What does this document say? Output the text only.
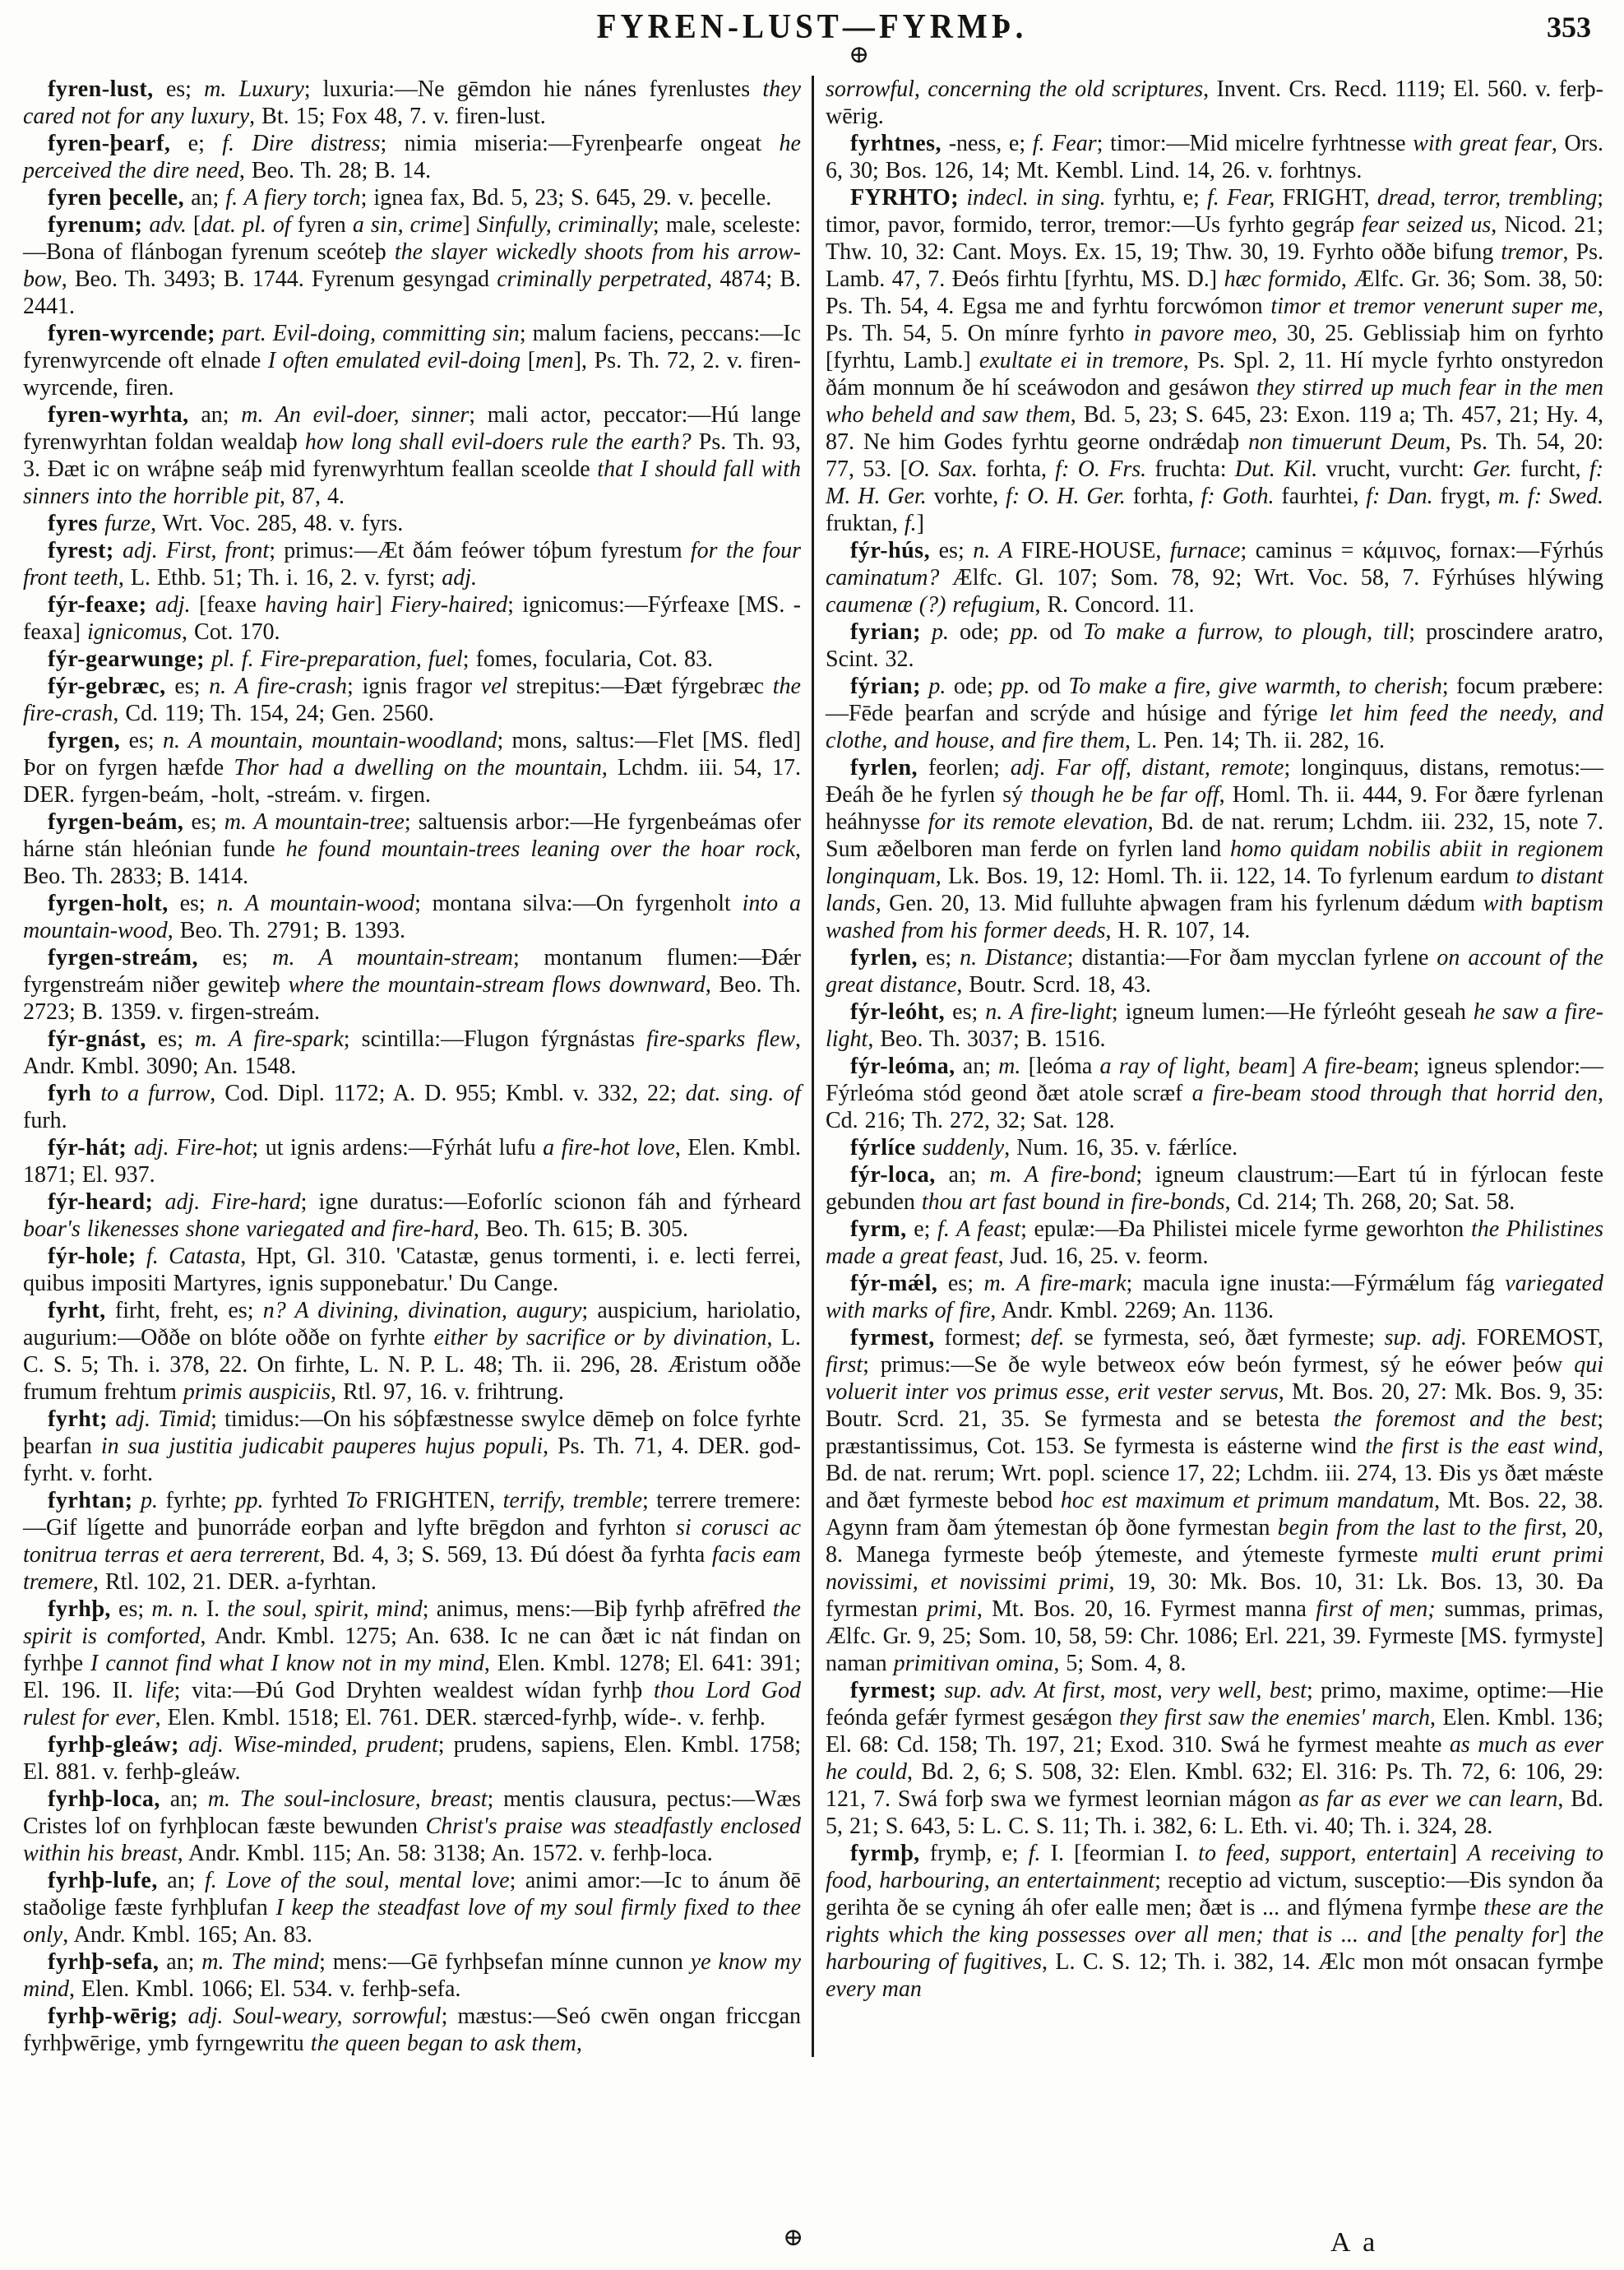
FYREN-LUST—FYRMÞ.	353
⊕

fyren-lust, es; m. Luxury; luxuria:—Ne gēmdon hie nánes fyrenlustes they cared not for any luxury, Bt. 15; Fox 48, 7. v. firen-lust.

fyren-þearf, e; f. Dire distress; nimia miseria:—Fyrenþearfe ongeat he perceived the dire need, Beo. Th. 28; B. 14.

fyren þecelle, an; f. A fiery torch; ignea fax, Bd. 5, 23; S. 645, 29. v. þecelle.

fyrenum; adv. [dat. pl. of fyren a sin, crime] Sinfully, criminally; male, sceleste:—Bona of flánbogan fyrenum sceóteþ the slayer wickedly shoots from his arrow-bow, Beo. Th. 3493; B. 1744. Fyrenum gesyngad criminally perpetrated, 4874; B. 2441.

fyren-wyrcende; part. Evil-doing, committing sin; malum faciens, peccans:—Ic fyrenwyrcende oft elnade I often emulated evil-doing [men], Ps. Th. 72, 2. v. firen-wyrcende, firen.

fyren-wyrhta, an; m. An evil-doer, sinner; mali actor, peccator:—Hú lange fyrenwyrhtan foldan wealdaþ how long shall evil-doers rule the earth? Ps. Th. 93, 3. Ðæt ic on wráþne seáþ mid fyrenwyrhtum feallan sceolde that I should fall with sinners into the horrible pit, 87, 4.

fyres furze, Wrt. Voc. 285, 48. v. fyrs.

fyrest; adj. First, front; primus:—Æt ðám feówer tóþum fyrestum for the four front teeth, L. Ethb. 51; Th. i. 16, 2. v. fyrst; adj.

fýr-feaxe; adj. [feaxe having hair] Fiery-haired; ignicomus:—Fýrfeaxe [MS. -feaxa] ignicomus, Cot. 170.

fýr-gearwunge; pl. f. Fire-preparation, fuel; fomes, focularia, Cot. 83.

fýr-gebræc, es; n. A fire-crash; ignis fragor vel strepitus:—Ðæt fýrgebræc the fire-crash, Cd. 119; Th. 154, 24; Gen. 2560.

fyrgen, es; n. A mountain, mountain-woodland; mons, saltus:—Flet [MS. fled] Þor on fyrgen hæfde Thor had a dwelling on the mountain, Lchdm. iii. 54, 17. DER. fyrgen-beám, -holt, -streám. v. firgen.

fyrgen-beám, es; m. A mountain-tree; saltuensis arbor:—He fyrgenbeámas ofer hárne stán hleónian funde he found mountain-trees leaning over the hoar rock, Beo. Th. 2833; B. 1414.

fyrgen-holt, es; n. A mountain-wood; montana silva:—On fyrgenholt into a mountain-wood, Beo. Th. 2791; B. 1393.

fyrgen-streám, es; m. A mountain-stream; montanum flumen:—Ðǽr fyrgenstreám niðer gewiteþ where the mountain-stream flows downward, Beo. Th. 2723; B. 1359. v. firgen-streám.

fýr-gnást, es; m. A fire-spark; scintilla:—Flugon fýrgnástas fire-sparks flew, Andr. Kmbl. 3090; An. 1548.

fyrh to a furrow, Cod. Dipl. 1172; A. D. 955; Kmbl. v. 332, 22; dat. sing. of furh.

fýr-hát; adj. Fire-hot; ut ignis ardens:—Fýrhát lufu a fire-hot love, Elen. Kmbl. 1871; El. 937.

fýr-heard; adj. Fire-hard; igne duratus:—Eoforlíc scionon fáh and fýrheard boar's likenesses shone variegated and fire-hard, Beo. Th. 615; B. 305.

fýr-hole; f. Catasta, Hpt, Gl. 310. 'Catastæ, genus tormenti, i. e. lecti ferrei, quibus impositi Martyres, ignis supponebatur.' Du Cange.

fyrht, firht, freht, es; n? A divining, divination, augury; auspicium, hariolatio, augurium:—Oððe on blóte oððe on fyrhte either by sacrifice or by divination, L. C. S. 5; Th. i. 378, 22. On firhte, L. N. P. L. 48; Th. ii. 296, 28. Æristum oððe frumum frehtum primis auspiciis, Rtl. 97, 16. v. frihtrung.

fyrht; adj. Timid; timidus:—On his sóþfæstnesse swylce dēmeþ on folce fyrhte þearfan in sua justitia judicabit pauperes hujus populi, Ps. Th. 71, 4. DER. god-fyrht. v. forht.

fyrhtan; p. fyrhte; pp. fyrhted To FRIGHTEN, terrify, tremble; terrere tremere:—Gif lígette and þunorráde eorþan and lyfte brēgdon and fyrhton si corusci ac tonitrua terras et aera terrerent, Bd. 4, 3; S. 569, 13. Ðú dóest ða fyrhta facis eam tremere, Rtl. 102, 21. DER. a-fyrhtan.

fyrhþ, es; m. n. I. the soul, spirit, mind; animus, mens:—Biþ fyrhþ afrēfred the spirit is comforted, Andr. Kmbl. 1275; An. 638. Ic ne can ðæt ic nát findan on fyrhþe I cannot find what I know not in my mind, Elen. Kmbl. 1278; El. 641: 391; El. 196. II. life; vita:—Ðú God Dryhten wealdest wídan fyrhþ thou Lord God rulest for ever, Elen. Kmbl. 1518; El. 761. DER. stærced-fyrhþ, wíde-. v. ferhþ.

fyrhþ-gleáw; adj. Wise-minded, prudent; prudens, sapiens, Elen. Kmbl. 1758; El. 881. v. ferhþ-gleáw.

fyrhþ-loca, an; m. The soul-inclosure, breast; mentis clausura, pectus:—Wæs Cristes lof on fyrhþlocan fæste bewunden Christ's praise was steadfastly enclosed within his breast, Andr. Kmbl. 115; An. 58: 3138; An. 1572. v. ferhþ-loca.

fyrhþ-lufe, an; f. Love of the soul, mental love; animi amor:—Ic to ánum ðē staðolige fæste fyrhþlufan I keep the steadfast love of my soul firmly fixed to thee only, Andr. Kmbl. 165; An. 83.

fyrhþ-sefa, an; m. The mind; mens:—Gē fyrhþsefan mínne cunnon ye know my mind, Elen. Kmbl. 1066; El. 534. v. ferhþ-sefa.

fyrhþ-wērig; adj. Soul-weary, sorrowful; mæstus:—Seó cwēn ongan friccgan fyrhþwērige, ymb fyrngewritu the queen began to ask them,

sorrowful, concerning the old scriptures, Invent. Crs. Recd. 1119; El. 560. v. ferþ-wērig.

fyrhtnes, -ness, e; f. Fear; timor:—Mid micelre fyrhtnesse with great fear, Ors. 6, 30; Bos. 126, 14; Mt. Kembl. Lind. 14, 26. v. forhtnys.

FYRHTO; indecl. in sing. fyrhtu, e; f. Fear, FRIGHT, dread, terror, trembling; timor, pavor, formido, terror, tremor:—Us fyrhto gegráp fear seized us, Nicod. 21; Thw. 10, 32: Cant. Moys. Ex. 15, 19; Thw. 30, 19. Fyrhto oððe bifung tremor, Ps. Lamb. 47, 7. Ðeós firhtu [fyrhtu, MS. D.] hæc formido, Ælfc. Gr. 36; Som. 38, 50: Ps. Th. 54, 4. Egsa me and fyrhtu forcwómon timor et tremor venerunt super me, Ps. Th. 54, 5. On mínre fyrhto in pavore meo, 30, 25. Geblissiaþ him on fyrhto [fyrhtu, Lamb.] exultate ei in tremore, Ps. Spl. 2, 11. Hí mycle fyrhto onstyredon ðám monnum ðe hí sceáwodon and gesáwon they stirred up much fear in the men who beheld and saw them, Bd. 5, 23; S. 645, 23: Exon. 119 a; Th. 457, 21; Hy. 4, 87. Ne him Godes fyrhtu georne ondrǽdaþ non timuerunt Deum, Ps. Th. 54, 20: 77, 53. [O. Sax. forhta, f: O. Frs. fruchta: Dut. Kil. vrucht, vurcht: Ger. furcht, f: M. H. Ger. vorhte, f: O. H. Ger. forhta, f: Goth. faurhtei, f: Dan. frygt, m. f: Swed. fruktan, f.]

fýr-hús, es; n. A FIRE-HOUSE, furnace; caminus = κάμινος, fornax:—Fýrhús caminatum? Ælfc. Gl. 107; Som. 78, 92; Wrt. Voc. 58, 7. Fýrhúses hlýwing caumenæ (?) refugium, R. Concord. 11.

fyrian; p. ode; pp. od To make a furrow, to plough, till; proscindere aratro, Scint. 32.

fýrian; p. ode; pp. od To make a fire, give warmth, to cherish; focum præbere:—Fēde þearfan and scrýde and húsige and fýrige let him feed the needy, and clothe, and house, and fire them, L. Pen. 14; Th. ii. 282, 16.

fyrlen, feorlen; adj. Far off, distant, remote; longinquus, distans, remotus:—Ðeáh ðe he fyrlen sý though he be far off, Homl. Th. ii. 444, 9. For ðære fyrlenan heáhnysse for its remote elevation, Bd. de nat. rerum; Lchdm. iii. 232, 15, note 7. Sum æðelboren man ferde on fyrlen land homo quidam nobilis abiit in regionem longinquam, Lk. Bos. 19, 12: Homl. Th. ii. 122, 14. To fyrlenum eardum to distant lands, Gen. 20, 13. Mid fulluhte aþwagen fram his fyrlenum dǽdum with baptism washed from his former deeds, H. R. 107, 14.

fyrlen, es; n. Distance; distantia:—For ðam mycclan fyrlene on account of the great distance, Boutr. Scrd. 18, 43.

fýr-leóht, es; n. A fire-light; igneum lumen:—He fýrleóht geseah he saw a fire-light, Beo. Th. 3037; B. 1516.

fýr-leóma, an; m. [leóma a ray of light, beam] A fire-beam; igneus splendor:—Fýrleóma stód geond ðæt atole scræf a fire-beam stood through that horrid den, Cd. 216; Th. 272, 32; Sat. 128.

fýrlíce suddenly, Num. 16, 35. v. fǽrlíce.

fýr-loca, an; m. A fire-bond; igneum claustrum:—Eart tú in fýrlocan feste gebunden thou art fast bound in fire-bonds, Cd. 214; Th. 268, 20; Sat. 58.

fyrm, e; f. A feast; epulæ:—Ða Philistei micele fyrme geworhton the Philistines made a great feast, Jud. 16, 25. v. feorm.

fýr-mǽl, es; m. A fire-mark; macula igne inusta:—Fýrmǽlum fág variegated with marks of fire, Andr. Kmbl. 2269; An. 1136.

fyrmest, formest; def. se fyrmesta, seó, ðæt fyrmeste; sup. adj. FOREMOST, first; primus:—Se ðe wyle betweox eów beón fyrmest, sý he eówer þeów qui voluerit inter vos primus esse, erit vester servus, Mt. Bos. 20, 27: Mk. Bos. 9, 35: Boutr. Scrd. 21, 35. Se fyrmesta and se betesta the foremost and the best; præstantissimus, Cot. 153. Se fyrmesta is eásterne wind the first is the east wind, Bd. de nat. rerum; Wrt. popl. science 17, 22; Lchdm. iii. 274, 13. Ðis ys ðæt mǽste and ðæt fyrmeste bebod hoc est maximum et primum mandatum, Mt. Bos. 22, 38. Agynn fram ðam ýtemestan óþ ðone fyrmestan begin from the last to the first, 20, 8. Manega fyrmeste beóþ ýtemeste, and ýtemeste fyrmeste multi erunt primi novissimi, et novissimi primi, 19, 30: Mk. Bos. 10, 31: Lk. Bos. 13, 30. Ða fyrmestan primi, Mt. Bos. 20, 16. Fyrmest manna first of men; summas, primas, Ælfc. Gr. 9, 25; Som. 10, 58, 59: Chr. 1086; Erl. 221, 39. Fyrmeste [MS. fyrmyste] naman primitivan omina, 5; Som. 4, 8.

fyrmest; sup. adv. At first, most, very well, best; primo, maxime, optime:—Hie feónda gefǽr fyrmest gesǽgon they first saw the enemies' march, Elen. Kmbl. 136; El. 68: Cd. 158; Th. 197, 21; Exod. 310. Swá he fyrmest meahte as much as ever he could, Bd. 2, 6; S. 508, 32: Elen. Kmbl. 632; El. 316: Ps. Th. 72, 6: 106, 29: 121, 7. Swá forþ swa we fyrmest leornian mágon as far as ever we can learn, Bd. 5, 21; S. 643, 5: L. C. S. 11; Th. i. 382, 6: L. Eth. vi. 40; Th. i. 324, 28.

fyrmþ, frymþ, e; f. I. [feormian I. to feed, support, entertain] A receiving to food, harbouring, an entertainment; receptio ad victum, susceptio:—Ðis syndon ða gerihta ðe se cyning áh ofer ealle men; ðæt is ... and flýmena fyrmþe these are the rights which the king possesses over all men; that is ... and [the penalty for] the harbouring of fugitives, L. C. S. 12; Th. i. 382, 14. Ælc mon mót onsacan fyrmþe every man

⊕	A a
